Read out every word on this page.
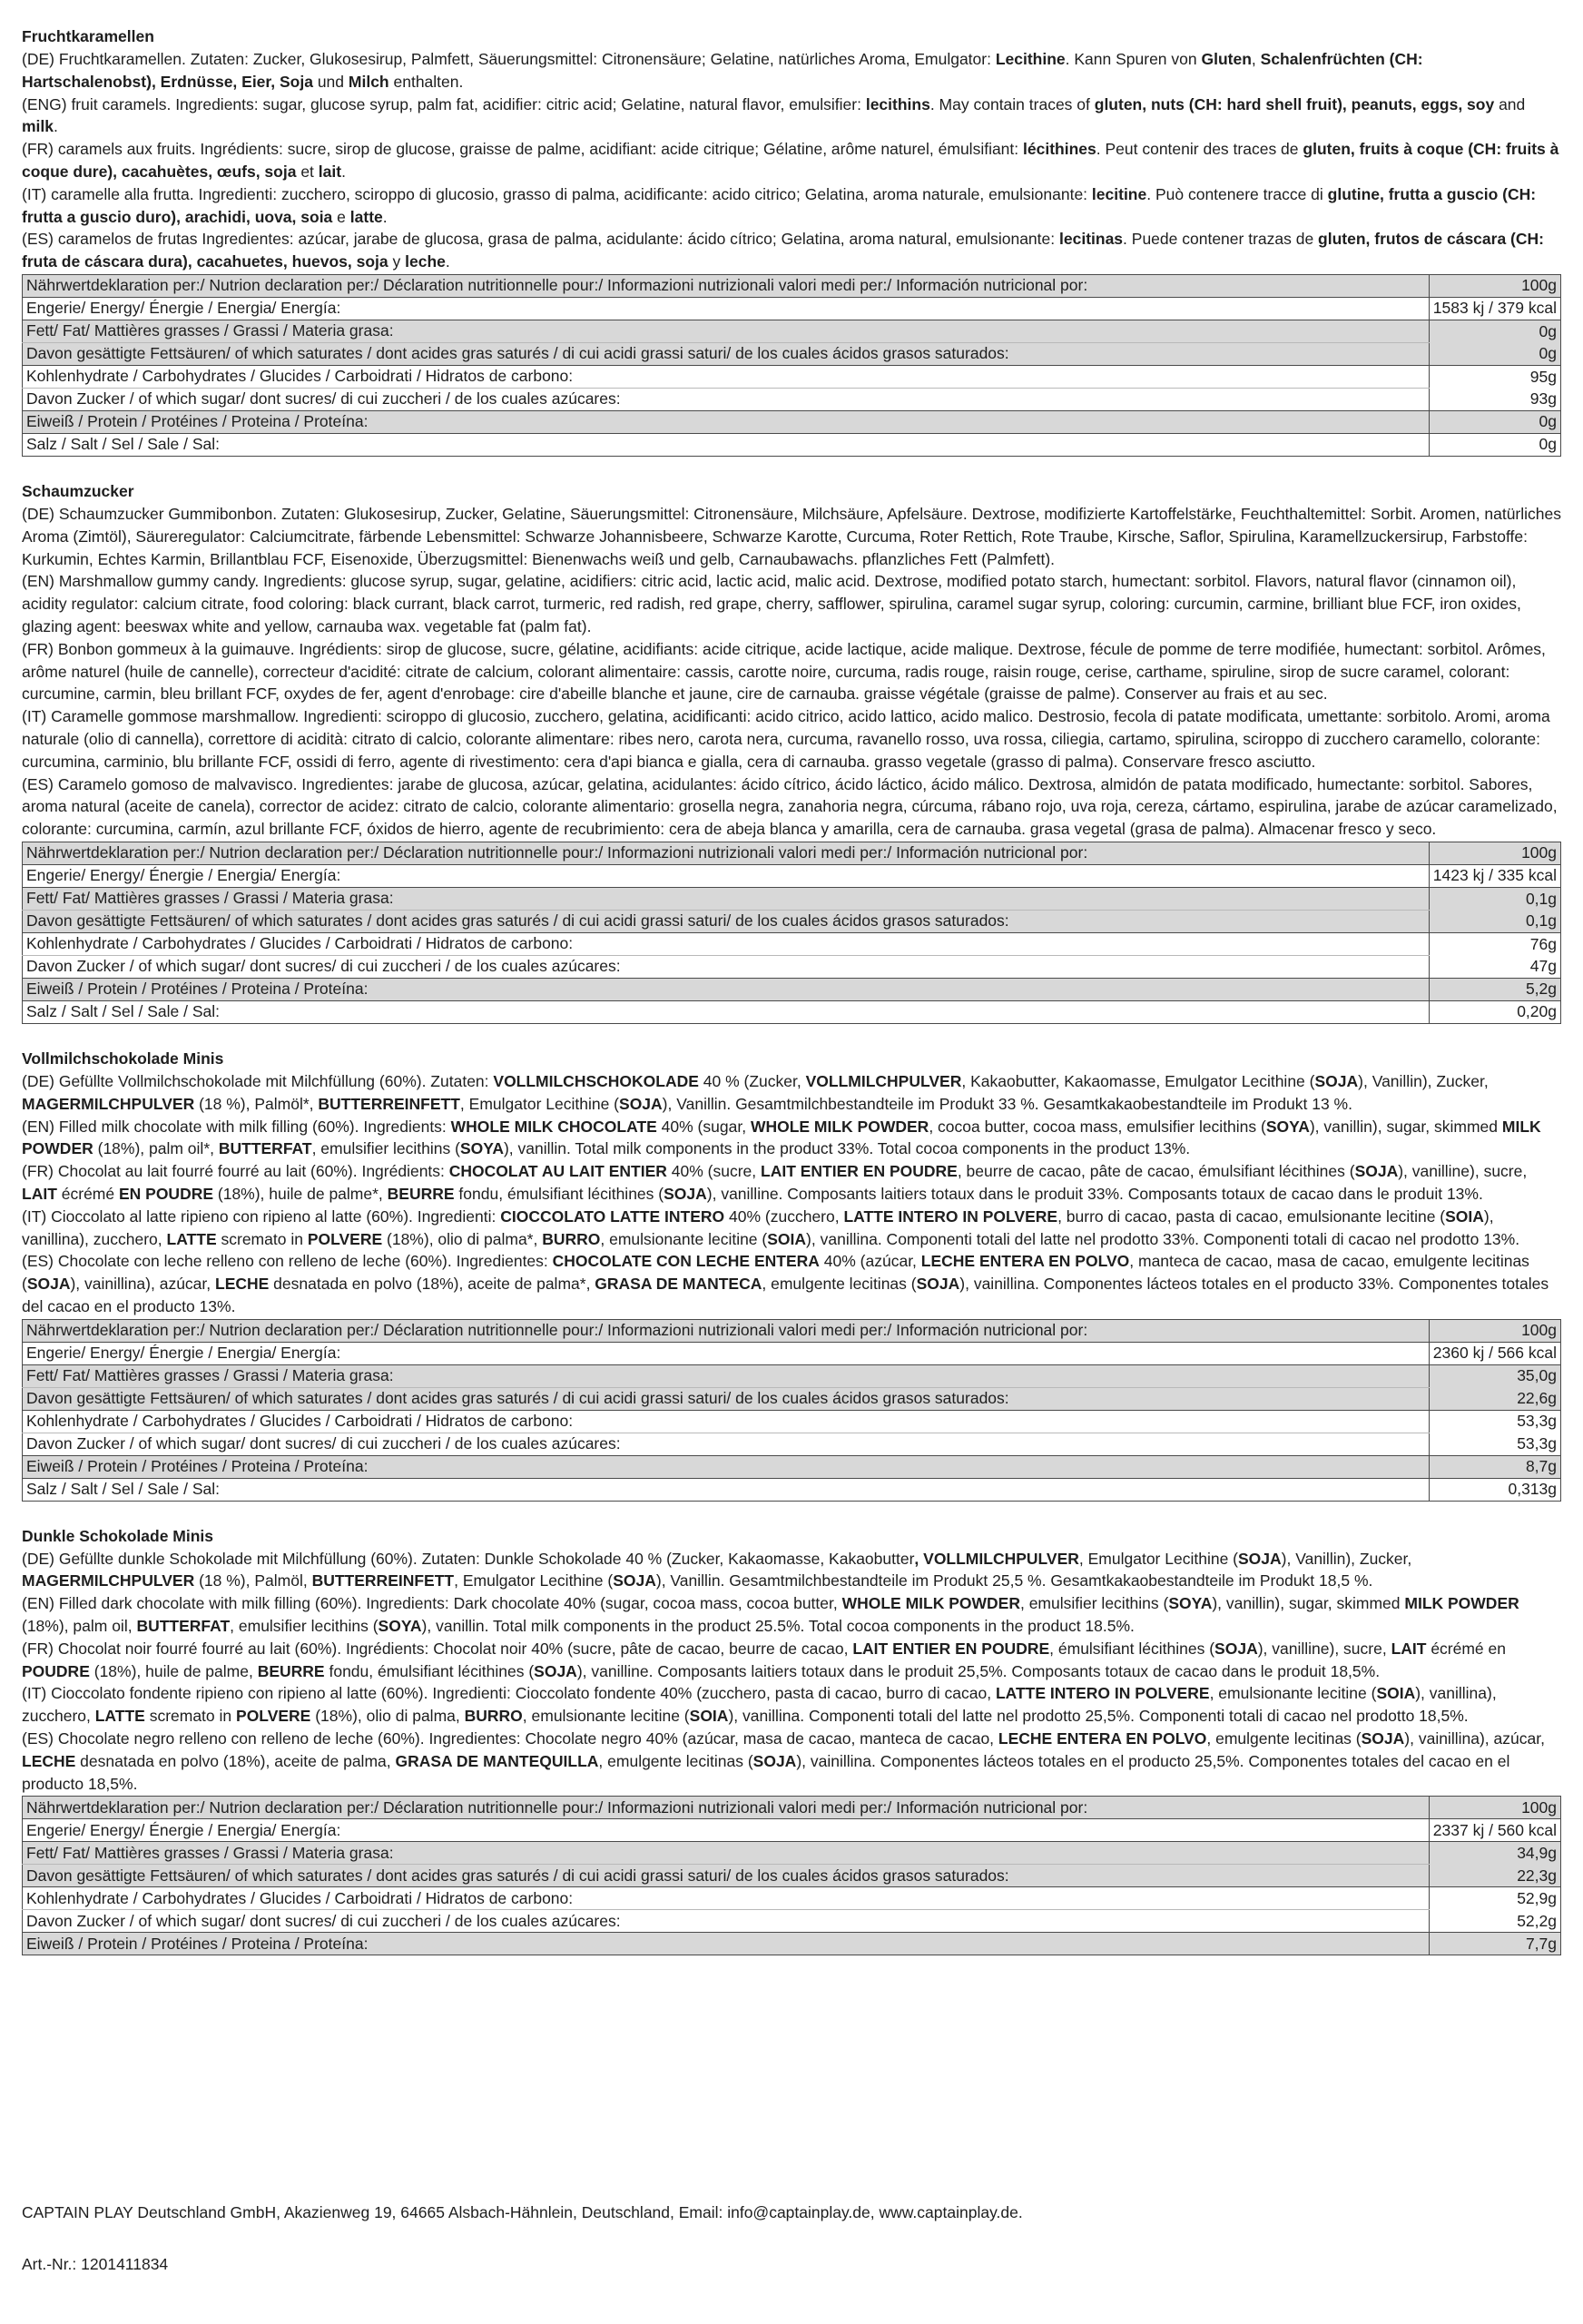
Fruchtkaramellen

(DE) Fruchtkaramellen. Zutaten: Zucker, Glukosesirup, Palmfett, Säuerungsmittel: Citronensäure; Gelatine, natürliches Aroma, Emulgator: Lecithine. Kann Spuren von Gluten, Schalenfrüchten (CH: Hartschalenobst), Erdnüsse, Eier, Soja und Milch enthalten.

(ENG) fruit caramels. Ingredients: sugar, glucose syrup, palm fat, acidifier: citric acid; Gelatine, natural flavor, emulsifier: lecithins. May contain traces of gluten, nuts (CH: hard shell fruit), peanuts, eggs, soy and milk.

(FR) caramels aux fruits. Ingrédients: sucre, sirop de glucose, graisse de palme, acidifiant: acide citrique; Gélatine, arôme naturel, émulsifiant: lécithines. Peut contenir des traces de gluten, fruits à coque (CH: fruits à coque dure), cacahuètes, œufs, soja et lait.

(IT) caramelle alla frutta. Ingredienti: zucchero, sciroppo di glucosio, grasso di palma, acidificante: acido citrico; Gelatina, aroma naturale, emulsionante: lecitine. Può contenere tracce di glutine, frutta a guscio (CH: frutta a guscio duro), arachidi, uova, soia e latte.

(ES) caramelos de frutas Ingredientes: azúcar, jarabe de glucosa, grasa de palma, acidulante: ácido cítrico; Gelatina, aroma natural, emulsionante: lecitinas. Puede contener trazas de gluten, frutos de cáscara (CH: fruta de cáscara dura), cacahuetes, huevos, soja y leche.

Nährwertdeklaration per:/ Nutrion declaration per:/ Déclaration nutritionnelle pour:/ Informazioni nutrizionali valori medi per:/ Información nutricional por:	100g
Engerie/ Energy/ Énergie / Energia/ Energía:	1583 kj / 379 kcal
Fett/ Fat/ Mattières grasses / Grassi / Materia grasa:	0g
Davon gesättigte Fettsäuren/ of which saturates / dont acides gras saturés / di cui acidi grassi saturi/ de los cuales ácidos grasos saturados:	0g
Kohlenhydrate / Carbohydrates / Glucides / Carboidrati / Hidratos de carbono:	95g
Davon Zucker / of which sugar/ dont sucres/ di cui zuccheri / de los cuales azúcares:	93g
Eiweiß / Protein / Protéines / Proteina / Proteína:	0g
Salz / Salt / Sel / Sale / Sal:	0g

Schaumzucker

(DE) Schaumzucker Gummibonbon. Zutaten: Glukosesirup, Zucker, Gelatine, Säuerungsmittel: Citronensäure, Milchsäure, Apfelsäure. Dextrose, modifizierte Kartoffelstärke, Feuchthaltemittel: Sorbit. Aromen, natürliches Aroma (Zimtöl), Säureregulator: Calciumcitrate, färbende Lebensmittel: Schwarze Johannisbeere, Schwarze Karotte, Curcuma, Roter Rettich, Rote Traube, Kirsche, Saflor, Spirulina, Karamellzuckersirup, Farbstoffe: Kurkumin, Echtes Karmin, Brillantblau FCF, Eisenoxide, Überzugsmittel: Bienenwachs weiß und gelb, Carnaubawachs. pflanzliches Fett (Palmfett).

(EN) Marshmallow gummy candy. Ingredients: glucose syrup, sugar, gelatine, acidifiers: citric acid, lactic acid, malic acid. Dextrose, modified potato starch, humectant: sorbitol. Flavors, natural flavor (cinnamon oil), acidity regulator: calcium citrate, food coloring: black currant, black carrot, turmeric, red radish, red grape, cherry, safflower, spirulina, caramel sugar syrup, coloring: curcumin, carmine, brilliant blue FCF, iron oxides, glazing agent: beeswax white and yellow, carnauba wax. vegetable fat (palm fat).

(FR) Bonbon gommeux à la guimauve. Ingrédients: sirop de glucose, sucre, gélatine, acidifiants: acide citrique, acide lactique, acide malique. Dextrose, fécule de pomme de terre modifiée, humectant: sorbitol. Arômes, arôme naturel (huile de cannelle), correcteur d'acidité: citrate de calcium, colorant alimentaire: cassis, carotte noire, curcuma, radis rouge, raisin rouge, cerise, carthame, spiruline, sirop de sucre caramel, colorant: curcumine, carmin, bleu brillant FCF, oxydes de fer, agent d'enrobage: cire d'abeille blanche et jaune, cire de carnauba. graisse végétale (graisse de palme). Conserver au frais et au sec.

(IT) Caramelle gommose marshmallow. Ingredienti: sciroppo di glucosio, zucchero, gelatina, acidificanti: acido citrico, acido lattico, acido malico. Destrosio, fecola di patate modificata, umettante: sorbitolo. Aromi, aroma naturale (olio di cannella), correttore di acidità: citrato di calcio, colorante alimentare: ribes nero, carota nera, curcuma, ravanello rosso, uva rossa, ciliegia, cartamo, spirulina, sciroppo di zucchero caramello, colorante: curcumina, carminio, blu brillante FCF, ossidi di ferro, agente di rivestimento: cera d'api bianca e gialla, cera di carnauba. grasso vegetale (grasso di palma). Conservare fresco asciutto.

(ES) Caramelo gomoso de malvavisco. Ingredientes: jarabe de glucosa, azúcar, gelatina, acidulantes: ácido cítrico, ácido láctico, ácido málico. Dextrosa, almidón de patata modificado, humectante: sorbitol. Sabores, aroma natural (aceite de canela), corrector de acidez: citrato de calcio, colorante alimentario: grosella negra, zanahoria negra, cúrcuma, rábano rojo, uva roja, cereza, cártamo, espirulina, jarabe de azúcar caramelizado, colorante: curcumina, carmín, azul brillante FCF, óxidos de hierro, agente de recubrimiento: cera de abeja blanca y amarilla, cera de carnauba. grasa vegetal (grasa de palma). Almacenar fresco y seco.

Nährwertdeklaration per:/ Nutrion declaration per:/ Déclaration nutritionnelle pour:/ Informazioni nutrizionali valori medi per:/ Información nutricional por:	100g
Engerie/ Energy/ Énergie / Energia/ Energía:	1423 kj / 335 kcal
Fett/ Fat/ Mattières grasses / Grassi / Materia grasa:	0,1g
Davon gesättigte Fettsäuren/ of which saturates / dont acides gras saturés / di cui acidi grassi saturi/ de los cuales ácidos grasos saturados:	0,1g
Kohlenhydrate / Carbohydrates / Glucides / Carboidrati / Hidratos de carbono:	76g
Davon Zucker / of which sugar/ dont sucres/ di cui zuccheri / de los cuales azúcares:	47g
Eiweiß / Protein / Protéines / Proteina / Proteína:	5,2g
Salz / Salt / Sel / Sale / Sal:	0,20g

Vollmilchschokolade Minis

(DE) Gefüllte Vollmilchschokolade mit Milchfüllung (60%). Zutaten: VOLLMILCHSCHOKOLADE 40 % (Zucker, VOLLMILCHPULVER, Kakaobutter, Kakaomasse, Emulgator Lecithine (SOJA), Vanillin), Zucker, MAGERMILCHPULVER (18 %), Palmöl*, BUTTERREINFETT, Emulgator Lecithine (SOJA), Vanillin. Gesamtmilchbestandteile im Produkt 33 %. Gesamtkakaobestandteile im Produkt 13 %.

(EN) Filled milk chocolate with milk filling (60%). Ingredients: WHOLE MILK CHOCOLATE 40% (sugar, WHOLE MILK POWDER, cocoa butter, cocoa mass, emulsifier lecithins (SOYA), vanillin), sugar, skimmed MILK POWDER (18%), palm oil*, BUTTERFAT, emulsifier lecithins (SOYA), vanillin. Total milk components in the product 33%. Total cocoa components in the product 13%.

(FR) Chocolat au lait fourré fourré au lait (60%). Ingrédients: CHOCOLAT AU LAIT ENTIER 40% (sucre, LAIT ENTIER EN POUDRE, beurre de cacao, pâte de cacao, émulsifiant lécithines (SOJA), vanilline), sucre, LAIT écrémé EN POUDRE (18%), huile de palme*, BEURRE fondu, émulsifiant lécithines (SOJA), vanilline. Composants laitiers totaux dans le produit 33%. Composants totaux de cacao dans le produit 13%.

(IT) Cioccolato al latte ripieno con ripieno al latte (60%). Ingredienti: CIOCCOLATO LATTE INTERO 40% (zucchero, LATTE INTERO IN POLVERE, burro di cacao, pasta di cacao, emulsionante lecitine (SOIA), vanillina), zucchero, LATTE scremato in POLVERE (18%), olio di palma*, BURRO, emulsionante lecitine (SOIA), vanillina. Componenti totali del latte nel prodotto 33%. Componenti totali di cacao nel prodotto 13%.

(ES) Chocolate con leche relleno con relleno de leche (60%). Ingredientes: CHOCOLATE CON LECHE ENTERA 40% (azúcar, LECHE ENTERA EN POLVO, manteca de cacao, masa de cacao, emulgente lecitinas (SOJA), vainillina), azúcar, LECHE desnatada en polvo (18%), aceite de palma*, GRASA DE MANTECA, emulgente lecitinas (SOJA), vainillina. Componentes lácteos totales en el producto 33%. Componentes totales del cacao en el producto 13%.

Nährwertdeklaration per:/ Nutrion declaration per:/ Déclaration nutritionnelle pour:/ Informazioni nutrizionali valori medi per:/ Información nutricional por:	100g
Engerie/ Energy/ Énergie / Energia/ Energía:	2360 kj / 566 kcal
Fett/ Fat/ Mattières grasses / Grassi / Materia grasa:	35,0g
Davon gesättigte Fettsäuren/ of which saturates / dont acides gras saturés / di cui acidi grassi saturi/ de los cuales ácidos grasos saturados:	22,6g
Kohlenhydrate / Carbohydrates / Glucides / Carboidrati / Hidratos de carbono:	53,3g
Davon Zucker / of which sugar/ dont sucres/ di cui zuccheri / de los cuales azúcares:	53,3g
Eiweiß / Protein / Protéines / Proteina / Proteína:	8,7g
Salz / Salt / Sel / Sale / Sal:	0,313g

Dunkle Schokolade Minis

(DE) Gefüllte dunkle Schokolade mit Milchfüllung (60%). Zutaten: Dunkle Schokolade 40 % (Zucker, Kakaomasse, Kakaobutter, VOLLMILCHPULVER, Emulgator Lecithine (SOJA), Vanillin), Zucker, MAGERMILCHPULVER (18 %), Palmöl, BUTTERREINFETT, Emulgator Lecithine (SOJA), Vanillin. Gesamtmilchbestandteile im Produkt 25,5 %. Gesamtkakaobestandteile im Produkt 18,5 %.

(EN) Filled dark chocolate with milk filling (60%). Ingredients: Dark chocolate 40% (sugar, cocoa mass, cocoa butter, WHOLE MILK POWDER, emulsifier lecithins (SOYA), vanillin), sugar, skimmed MILK POWDER (18%), palm oil, BUTTERFAT, emulsifier lecithins (SOYA), vanillin. Total milk components in the product 25.5%. Total cocoa components in the product 18.5%.

(FR) Chocolat noir fourré fourré au lait (60%). Ingrédients: Chocolat noir 40% (sucre, pâte de cacao, beurre de cacao, LAIT ENTIER EN POUDRE, émulsifiant lécithines (SOJA), vanilline), sucre, LAIT écrémé en POUDRE (18%), huile de palme, BEURRE fondu, émulsifiant lécithines (SOJA), vanilline. Composants laitiers totaux dans le produit 25,5%. Composants totaux de cacao dans le produit 18,5%.

(IT) Cioccolato fondente ripieno con ripieno al latte (60%). Ingredienti: Cioccolato fondente 40% (zucchero, pasta di cacao, burro di cacao, LATTE INTERO IN POLVERE, emulsionante lecitine (SOIA), vanillina), zucchero, LATTE scremato in POLVERE (18%), olio di palma, BURRO, emulsionante lecitine (SOIA), vanillina. Componenti totali del latte nel prodotto 25,5%. Componenti totali di cacao nel prodotto 18,5%.

(ES) Chocolate negro relleno con relleno de leche (60%). Ingredientes: Chocolate negro 40% (azúcar, masa de cacao, manteca de cacao, LECHE ENTERA EN POLVO, emulgente lecitinas (SOJA), vainillina), azúcar, LECHE desnatada en polvo (18%), aceite de palma, GRASA DE MANTEQUILLA, emulgente lecitinas (SOJA), vainillina. Componentes lácteos totales en el producto 25,5%. Componentes totales del cacao en el producto 18,5%.

Nährwertdeklaration per:/ Nutrion declaration per:/ Déclaration nutritionnelle pour:/ Informazioni nutrizionali valori medi per:/ Información nutricional por:	100g
Engerie/ Energy/ Énergie / Energia/ Energía:	2337 kj / 560 kcal
Fett/ Fat/ Mattières grasses / Grassi / Materia grasa:	34,9g
Davon gesättigte Fettsäuren/ of which saturates / dont acides gras saturés / di cui acidi grassi saturi/ de los cuales ácidos grasos saturados:	22,3g
Kohlenhydrate / Carbohydrates / Glucides / Carboidrati / Hidratos de carbono:	52,9g
Davon Zucker / of which sugar/ dont sucres/ di cui zuccheri / de los cuales azúcares:	52,2g
Eiweiß / Protein / Protéines / Proteina / Proteína:	7,7g
CAPTAIN PLAY Deutschland GmbH, Akazienweg 19, 64665 Alsbach-Hähnlein, Deutschland, Email: info@captainplay.de, www.captainplay.de.
Art.-Nr.: 1201411834
